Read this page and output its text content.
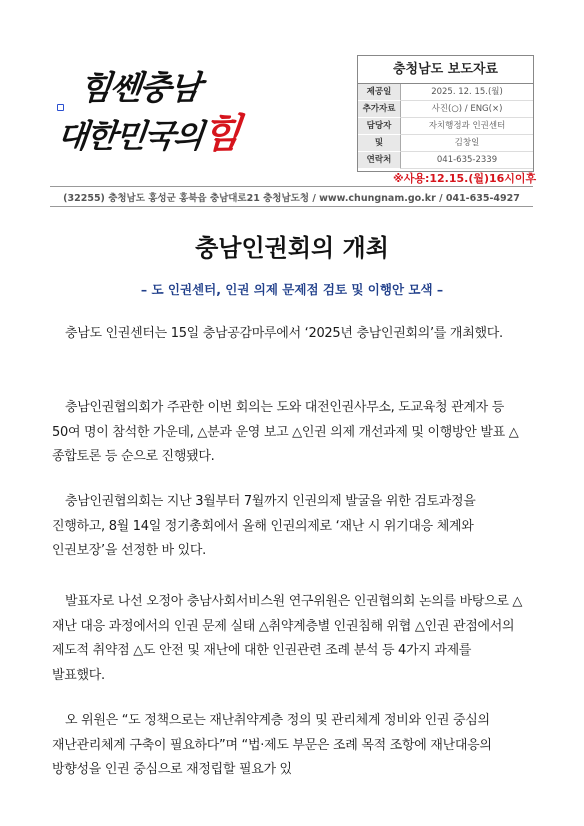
힘쎈충남
대한민국의힘
충청남도 보도자료
제공일	2025. 12. 15.(월)
추가자료	사진(○) / ENG(×)
담당자	자치행정과 인권센터
및	김창일
연락처	041-635-2339
※사용:12.15.(월)16시이후
(32255) 충청남도 홍성군 홍북읍 충남대로21 충청남도청 / www.chungnam.go.kr / 041-635-4927
충남인권회의 개최
– 도 인권센터, 인권 의제 문제점 검토 및 이행안 모색 –
충남도 인권센터는 15일 충남공감마루에서 ‘2025년 충남인권회의’를 개최했다.
충남인권협의회가 주관한 이번 회의는 도와 대전인권사무소, 도교육청 관계자 등 50여 명이 참석한 가운데, △분과 운영 보고 △인권 의제 개선과제 및 이행방안 발표 △종합토론 등 순으로 진행됐다.
충남인권협의회는 지난 3월부터 7월까지 인권의제 발굴을 위한 검토과정을 진행하고, 8월 14일 정기총회에서 올해 인권의제로 ‘재난 시 위기대응 체계와 인권보장’을 선정한 바 있다.
발표자로 나선 오정아 충남사회서비스원 연구위원은 인권협의회 논의를 바탕으로 △재난 대응 과정에서의 인권 문제 실태 △취약계층별 인권침해 위협 △인권 관점에서의 제도적 취약점 △도 안전 및 재난에 대한 인권관련 조례 분석 등 4가지 과제를 발표했다.
오 위원은 “도 정책으로는 재난취약계층 정의 및 관리체계 정비와 인권 중심의 재난관리체계 구축이 필요하다”며 “법·제도 부문은 조례 목적 조항에 재난대응의 방향성을 인권 중심으로 재정립할 필요가 있
